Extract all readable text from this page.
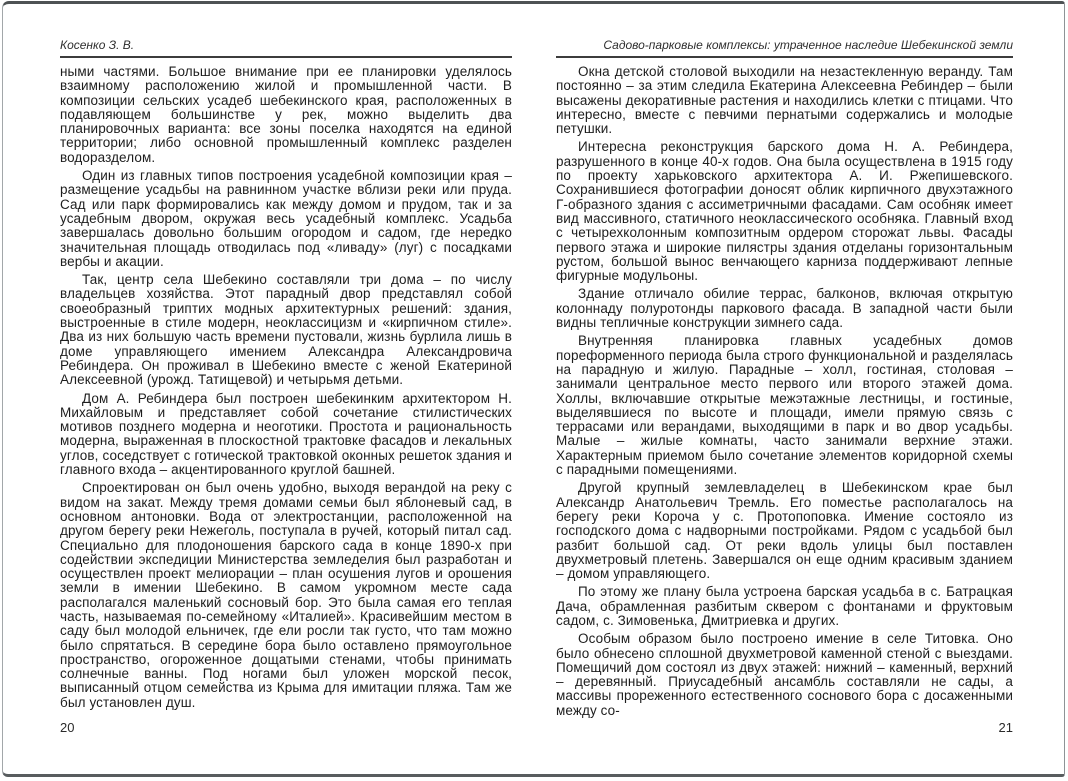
Косенко З. В.

ными частями. Большое внимание при ее планировки уделялось взаимному расположению жилой и промышленной части. В композиции сельских усадеб шебекинского края, расположенных в подавляющем большинстве у рек, можно выделить два планировочных варианта: все зоны поселка находятся на единой территории; либо основной промышленный комплекс разделен водоразделом.

Один из главных типов построения усадебной композиции края – размещение усадьбы на равнинном участке вблизи реки или пруда. Сад или парк формировались как между домом и прудом, так и за усадебным двором, окружая весь усадебный комплекс. Усадьба завершалась довольно большим огородом и садом, где нередко значительная площадь отводилась под «ливаду» (луг) с посадками вербы и акации.

Так, центр села Шебекино составляли три дома – по числу владельцев хозяйства. Этот парадный двор представлял собой своеобразный триптих модных архитектурных решений: здания, выстроенные в стиле модерн, неоклассицизм и «кирпичном стиле». Два из них большую часть времени пустовали, жизнь бурлила лишь в доме управляющего имением Александра Александровича Ребиндера. Он проживал в Шебекино вместе с женой Екатериной Алексеевной (урожд. Татищевой) и четырьмя детьми.

Дом А. Ребиндера был построен шебекинким архитектором Н. Михайловым и представляет собой сочетание стилистических мотивов позднего модерна и неоготики. Простота и рациональность модерна, выраженная в плоскостной трактовке фасадов и лекальных углов, соседствует с готической трактовкой оконных решеток здания и главного входа – акцентированного круглой башней.

Спроектирован он был очень удобно, выходя верандой на реку с видом на закат. Между тремя домами семьи был яблоневый сад, в основном антоновки. Вода от электростанции, расположенной на другом берегу реки Нежеголь, поступала в ручей, который питал сад. Специально для плодоношения барского сада в конце 1890-х при содействии экспедиции Министерства земледелия был разработан и осуществлен проект мелиорации – план осушения лугов и орошения земли в имении Шебекино. В самом укромном месте сада располагался маленький сосновый бор. Это была самая его теплая часть, называемая по-семейному «Италией». Красивейшим местом в саду был молодой ельничек, где ели росли так густо, что там можно было спрятаться. В середине бора было оставлено прямоугольное пространство, огороженное дощатыми стенами, чтобы принимать солнечные ванны. Под ногами был уложен морской песок, выписанный отцом семейства из Крыма для имитации пляжа. Там же был установлен душ.

20
Садово-парковые комплексы: утраченное наследие Шебекинской земли

Окна детской столовой выходили на незастекленную веранду. Там постоянно – за этим следила Екатерина Алексеевна Ребиндер – были высажены декоративные растения и находились клетки с птицами. Что интересно, вместе с певчими пернатыми содержались и молодые петушки.

Интересна реконструкция барского дома Н. А. Ребиндера, разрушенного в конце 40-х годов. Она была осуществлена в 1915 году по проекту харьковского архитектора А. И. Ржепишевского. Сохранившиеся фотографии доносят облик кирпичного двухэтажного Г-образного здания с ассиметричными фасадами. Сам особняк имеет вид массивного, статичного неоклассического особняка. Главный вход с четырехколонным композитным ордером сторожат львы. Фасады первого этажа и широкие пилястры здания отделаны горизонтальным рустом, большой вынос венчающего карниза поддерживают лепные фигурные модульоны.

Здание отличало обилие террас, балконов, включая открытую колоннаду полуротонды паркового фасада. В западной части были видны тепличные конструкции зимнего сада.

Внутренняя планировка главных усадебных домов пореформенного периода была строго функциональной и разделялась на парадную и жилую. Парадные – холл, гостиная, столовая – занимали центральное место первого или второго этажей дома. Холлы, включавшие открытые межэтажные лестницы, и гостиные, выделявшиеся по высоте и площади, имели прямую связь с террасами или верандами, выходящими в парк и во двор усадьбы. Малые – жилые комнаты, часто занимали верхние этажи. Характерным приемом было сочетание элементов коридорной схемы с парадными помещениями.

Другой крупный землевладелец в Шебекинском крае был Александр Анатольевич Тремль. Его поместье располагалось на берегу реки Короча у с. Протопоповка. Имение состояло из господского дома с надворными постройками. Рядом с усадьбой был разбит большой сад. От реки вдоль улицы был поставлен двухметровый плетень. Завершался он еще одним красивым зданием – домом управляющего.

По этому же плану была устроена барская усадьба в с. Батрацкая Дача, обрамленная разбитым сквером с фонтанами и фруктовым садом, с. Зимовенька, Дмитриевка и других.

Особым образом было построено имение в селе Титовка. Оно было обнесено сплошной двухметровой каменной стеной с выездами. Помещичий дом состоял из двух этажей: нижний – каменный, верхний – деревянный. Приусадебный ансамбль составляли не сады, а массивы прореженного естественного соснового бора с досаженными между со-

21
